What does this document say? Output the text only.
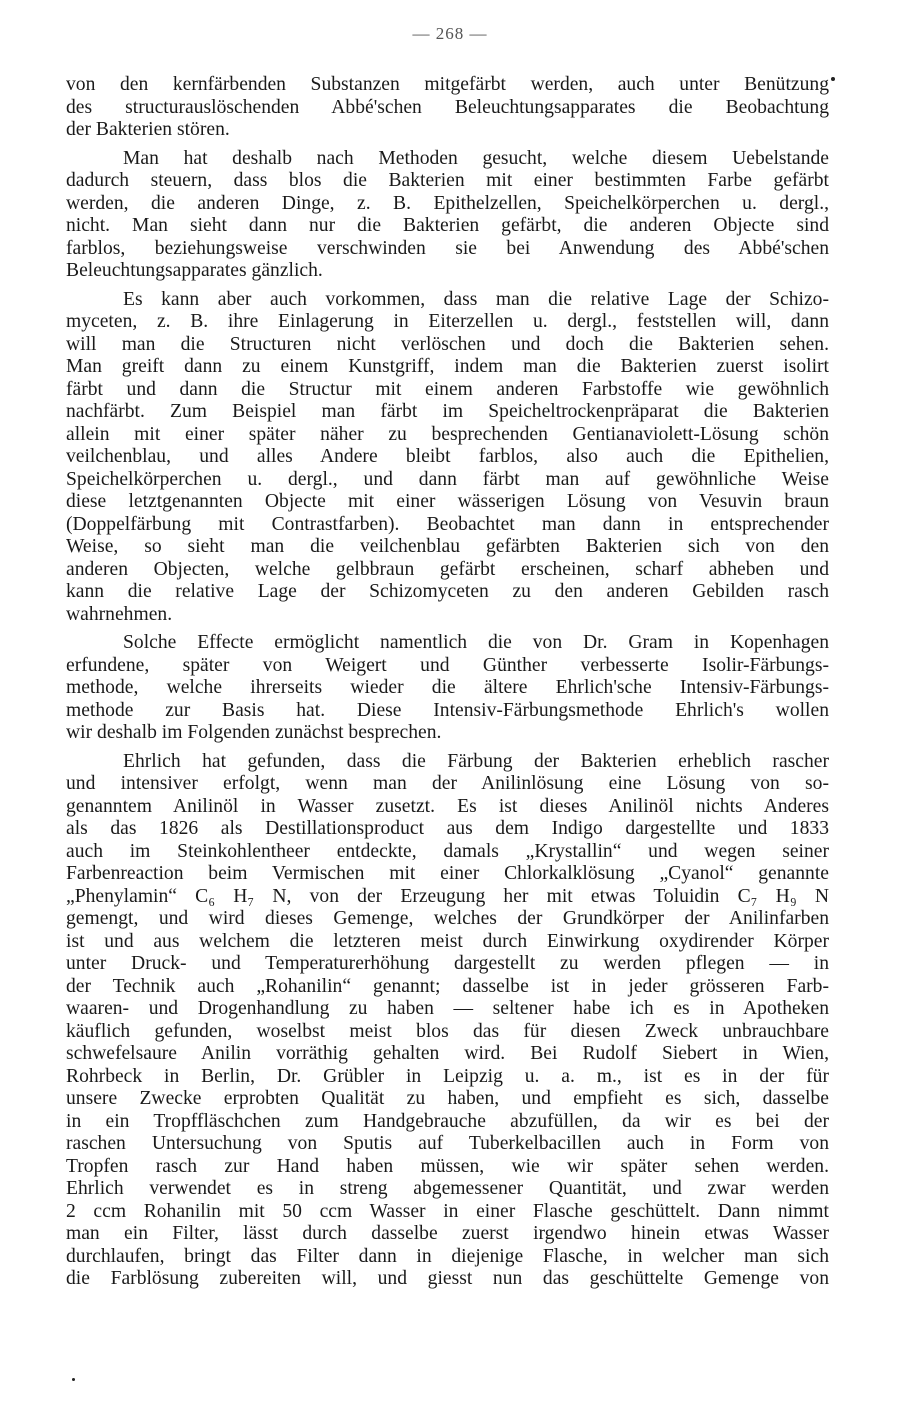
— 268 —

von den kernfärbenden Substanzen mitgefärbt werden, auch unter Benützung
des structurauslöschenden Abbé'schen Beleuchtungsapparates die Beobachtung
der Bakterien stören.

Man hat deshalb nach Methoden gesucht, welche diesem Uebelstande
dadurch steuern, dass blos die Bakterien mit einer bestimmten Farbe gefärbt
werden, die anderen Dinge, z. B. Epithelzellen, Speichelkörperchen u. dergl.,
nicht. Man sieht dann nur die Bakterien gefärbt, die anderen Objecte sind
farblos, beziehungsweise verschwinden sie bei Anwendung des Abbé'schen
Beleuchtungsapparates gänzlich.

Es kann aber auch vorkommen, dass man die relative Lage der Schizo-
myceten, z. B. ihre Einlagerung in Eiterzellen u. dergl., feststellen will, dann
will man die Structuren nicht verlöschen und doch die Bakterien sehen.
Man greift dann zu einem Kunstgriff, indem man die Bakterien zuerst isolirt
färbt und dann die Structur mit einem anderen Farbstoffe wie gewöhnlich
nachfärbt. Zum Beispiel man färbt im Speicheltrockenpräparat die Bakterien
allein mit einer später näher zu besprechenden Gentianaviolett-Lösung schön
veilchenblau, und alles Andere bleibt farblos, also auch die Epithelien,
Speichelkörperchen u. dergl., und dann färbt man auf gewöhnliche Weise
diese letztgenannten Objecte mit einer wässerigen Lösung von Vesuvin braun
(Doppelfärbung mit Contrastfarben). Beobachtet man dann in entsprechender
Weise, so sieht man die veilchenblau gefärbten Bakterien sich von den
anderen Objecten, welche gelbbraun gefärbt erscheinen, scharf abheben und
kann die relative Lage der Schizomyceten zu den anderen Gebilden rasch
wahrnehmen.

Solche Effecte ermöglicht namentlich die von Dr. Gram in Kopenhagen
erfundene, später von Weigert und Günther verbesserte Isolir-Färbungs-
methode, welche ihrerseits wieder die ältere Ehrlich'sche Intensiv-Färbungs-
methode zur Basis hat. Diese Intensiv-Färbungsmethode Ehrlich's wollen
wir deshalb im Folgenden zunächst besprechen.

Ehrlich hat gefunden, dass die Färbung der Bakterien erheblich rascher
und intensiver erfolgt, wenn man der Anilinlösung eine Lösung von so-
genanntem Anilinöl in Wasser zusetzt. Es ist dieses Anilinöl nichts Anderes
als das 1826 als Destillationsproduct aus dem Indigo dargestellte und 1833
auch im Steinkohlentheer entdeckte, damals „Krystallin“ und wegen seiner
Farbenreaction beim Vermischen mit einer Chlorkalklösung „Cyanol“ genannte
„Phenylamin“ C₆ H₇ N, von der Erzeugung her mit etwas Toluidin C₇ H₉ N
gemengt, und wird dieses Gemenge, welches der Grundkörper der Anilinfarben
ist und aus welchem die letzteren meist durch Einwirkung oxydirender Körper
unter Druck- und Temperaturerhöhung dargestellt zu werden pflegen — in
der Technik auch „Rohanilin“ genannt; dasselbe ist in jeder grösseren Farb-
waaren- und Drogenhandlung zu haben — seltener habe ich es in Apotheken
käuflich gefunden, woselbst meist blos das für diesen Zweck unbrauchbare
schwefelsaure Anilin vorräthig gehalten wird. Bei Rudolf Siebert in Wien,
Rohrbeck in Berlin, Dr. Grübler in Leipzig u. a. m., ist es in der für
unsere Zwecke erprobten Qualität zu haben, und empfieht es sich, dasselbe
in ein Tropffläschchen zum Handgebrauche abzufüllen, da wir es bei der
raschen Untersuchung von Sputis auf Tuberkelbacillen auch in Form von
Tropfen rasch zur Hand haben müssen, wie wir später sehen werden.
Ehrlich verwendet es in streng abgemessener Quantität, und zwar werden
2 ccm Rohanilin mit 50 ccm Wasser in einer Flasche geschüttelt. Dann nimmt
man ein Filter, lässt durch dasselbe zuerst irgendwo hinein etwas Wasser
durchlaufen, bringt das Filter dann in diejenige Flasche, in welcher man sich
die Farblösung zubereiten will, und giesst nun das geschüttelte Gemenge von
